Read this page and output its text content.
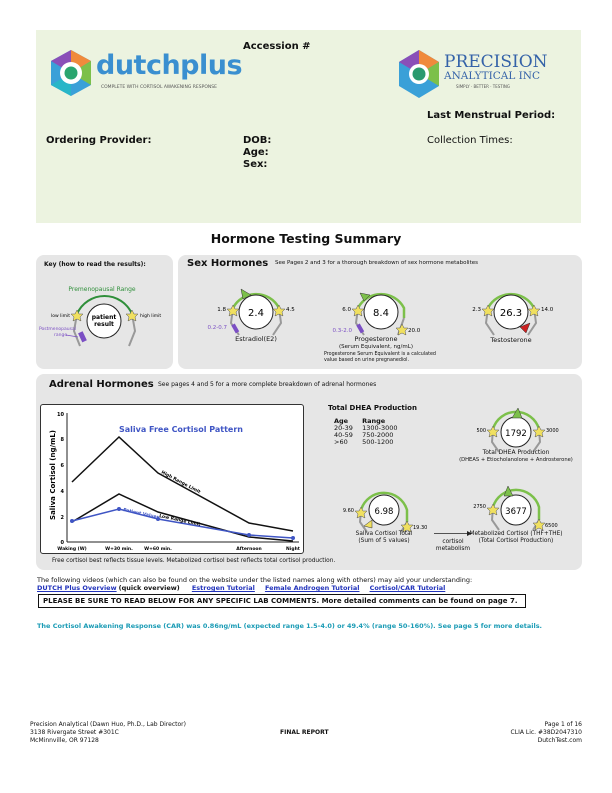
dutchplus
COMPLETE WITH CORTISOL AWAKENING RESPONSE
Accession #
PRECISION
ANALYTICAL INC
SIMPLY · BETTER · TESTING
Last Menstrual Period:
Ordering Provider:	DOB:
Age:
Sex:
Collection Times:
Hormone Testing Summary
Key (how to read the results):
patient
result
Premenopausal Range
low limit	high limit
Postmenopausal
range
Sex Hormones See Pages 2 and 3 for a thorough breakdown of sex hormone metabolites
2.4
1.8	4.5
0.2-0.7
Estradiol(E2)
8.4
6.0
20.0
0.3-2.0
Progesterone
(Serum Equivalent, ng/mL)
Progesterone Serum Equivalent is a calculated
value based on urine pregnanediol.
26.3
2.3	14.0
Testosterone
Adrenal Hormones See pages 4 and 5 for a more complete breakdown of adrenal hormones
Saliva Cortisol (ng/mL)
0
2
4
6
8
10
Waking (W)	W+30 min.	W+60 min.	Afternoon	Night
Saliva Free Cortisol Pattern
High Range Limit
Patient Values Low Range Limit
Free cortisol best reflects tissue levels. Metabolized cortisol best reflects total cortisol production.
Total DHEA Production
Age	Range
20-39	1300-3000
40-59	750-2000
>60	500-1200
1792
500	3000
Total DHEA Production
(DHEAS + Etiocholanolone + Androsterone)
6.98
9.60
19.30
Saliva Cortisol Total
(Sum of 5 values)	cortisol
metabolism
3677
2750
6500
Metabolized Cortisol (THF+THE)
(Total Cortisol Production)
The following videos (which can also be found on the website under the listed names along with others) may aid your understanding:
DUTCH Plus Overview (quick overview) Estrogen Tutorial Female Androgen Tutorial Cortisol/CAR Tutorial
PLEASE BE SURE TO READ BELOW FOR ANY SPECIFIC LAB COMMENTS. More detailed comments can be found on page 7.
The Cortisol Awakening Response (CAR) was 0.86ng/mL (expected range 1.5-4.0) or 49.4% (range 50-160%). See page 5 for more details.
Precision Analytical (Dawn Huo, Ph.D., Lab Director)
3138 Rivergate Street #301C
McMinnville, OR 97128
FINAL REPORT
Page 1 of 16
CLIA Lic. #38D2047310
DutchTest.com
